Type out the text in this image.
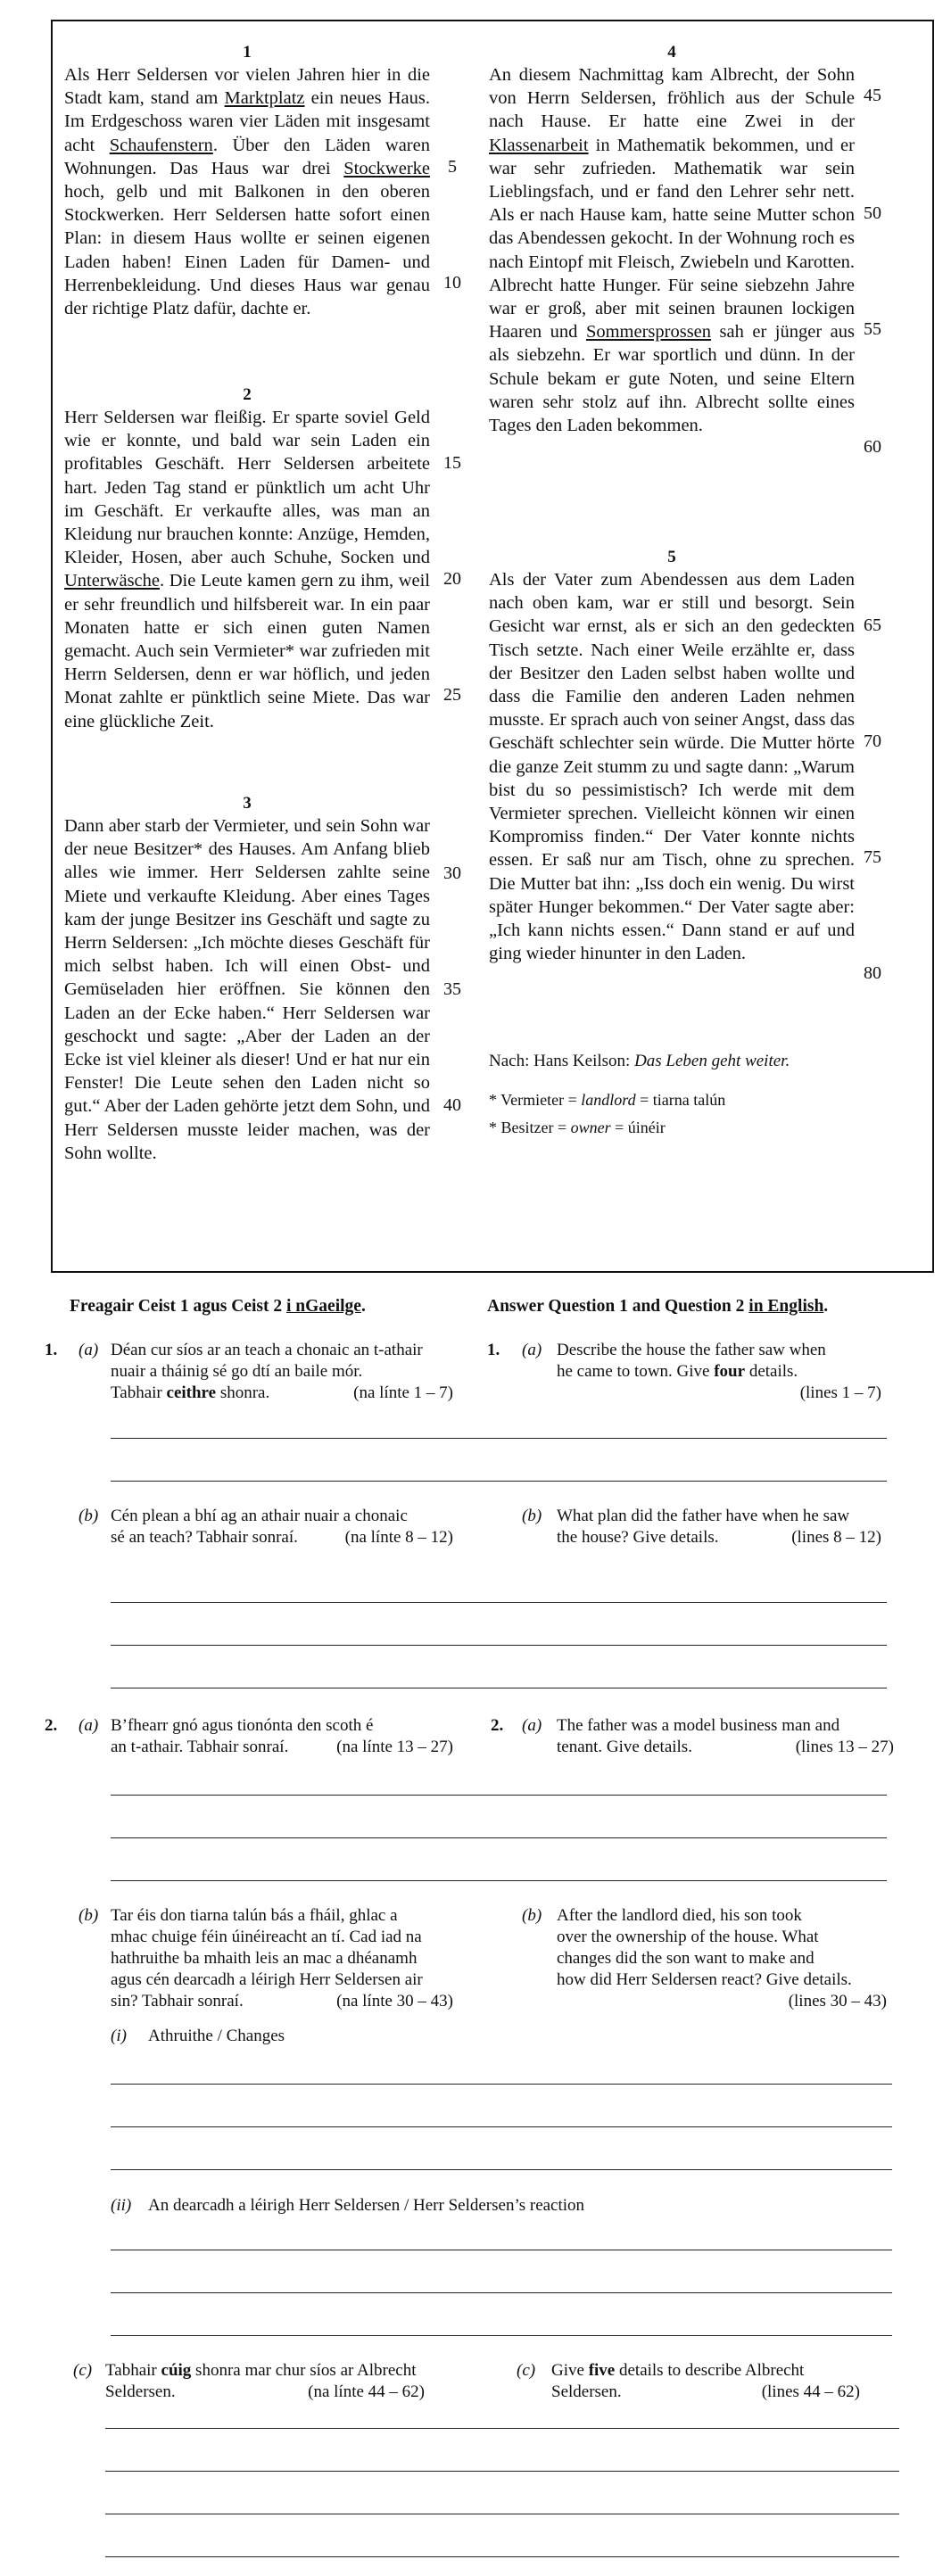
1

Als Herr Seldersen vor vielen Jahren hier in die Stadt kam, stand am Marktplatz ein neues Haus. Im Erdgeschoss waren vier Läden mit insgesamt acht Schaufenstern. Über den Läden waren Wohnungen. Das Haus war drei Stockwerke hoch, gelb und mit Balkonen in den oberen Stockwerken. Herr Seldersen hatte sofort einen Plan: in diesem Haus wollte er seinen eigenen Laden haben! Einen Laden für Damen- und Herrenbekleidung. Und dieses Haus war genau der richtige Platz dafür, dachte er.

2

Herr Seldersen war fleißig. Er sparte soviel Geld wie er konnte, und bald war sein Laden ein profitables Geschäft. Herr Seldersen arbeitete hart. Jeden Tag stand er pünktlich um acht Uhr im Geschäft. Er verkaufte alles, was man an Kleidung nur brauchen konnte: Anzüge, Hemden, Kleider, Hosen, aber auch Schuhe, Socken und Unterwäsche. Die Leute kamen gern zu ihm, weil er sehr freundlich und hilfsbereit war. In ein paar Monaten hatte er sich einen guten Namen gemacht. Auch sein Vermieter* war zufrieden mit Herrn Seldersen, denn er war höflich, und jeden Monat zahlte er pünktlich seine Miete. Das war eine glückliche Zeit.

3

Dann aber starb der Vermieter, und sein Sohn war der neue Besitzer* des Hauses. Am Anfang blieb alles wie immer. Herr Seldersen zahlte seine Miete und verkaufte Kleidung. Aber eines Tages kam der junge Besitzer ins Geschäft und sagte zu Herrn Seldersen: „Ich möchte dieses Geschäft für mich selbst haben. Ich will einen Obst- und Gemüseladen hier eröffnen. Sie können den Laden an der Ecke haben.“ Herr Seldersen war geschockt und sagte: „Aber der Laden an der Ecke ist viel kleiner als dieser! Und er hat nur ein Fenster! Die Leute sehen den Laden nicht so gut.“ Aber der Laden gehörte jetzt dem Sohn, und Herr Seldersen musste leider machen, was der Sohn wollte.

4

An diesem Nachmittag kam Albrecht, der Sohn von Herrn Seldersen, fröhlich aus der Schule nach Hause. Er hatte eine Zwei in der Klassenarbeit in Mathematik bekommen, und er war sehr zufrieden. Mathematik war sein Lieblingsfach, und er fand den Lehrer sehr nett. Als er nach Hause kam, hatte seine Mutter schon das Abendessen gekocht. In der Wohnung roch es nach Eintopf mit Fleisch, Zwiebeln und Karotten. Albrecht hatte Hunger. Für seine siebzehn Jahre war er groß, aber mit seinen braunen lockigen Haaren und Sommersprossen sah er jünger aus als siebzehn. Er war sportlich und dünn. In der Schule bekam er gute Noten, und seine Eltern waren sehr stolz auf ihn. Albrecht sollte eines Tages den Laden bekommen.

5

Als der Vater zum Abendessen aus dem Laden nach oben kam, war er still und besorgt. Sein Gesicht war ernst, als er sich an den gedeckten Tisch setzte. Nach einer Weile erzählte er, dass der Besitzer den Laden selbst haben wollte und dass die Familie den anderen Laden nehmen musste. Er sprach auch von seiner Angst, dass das Geschäft schlechter sein würde. Die Mutter hörte die ganze Zeit stumm zu und sagte dann: „Warum bist du so pessimistisch? Ich werde mit dem Vermieter sprechen. Vielleicht können wir einen Kompromiss finden.“ Der Vater konnte nichts essen. Er saß nur am Tisch, ohne zu sprechen. Die Mutter bat ihn: „Iss doch ein wenig. Du wirst später Hunger bekommen.“ Der Vater sagte aber: „Ich kann nichts essen.“ Dann stand er auf und ging wieder hinunter in den Laden.

5
10
15
20
25
30
35
40
45
50
55
60
65
70
75
80
Nach: Hans Keilson: Das Leben geht weiter.
* Vermieter = landlord = tiarna talún
* Besitzer = owner = úinéir
Freagair Ceist 1 agus Ceist 2 i nGaeilge.	Answer Question 1 and Question 2 in English.
1. (a) Déan cur síos ar an teach a chonaic an t-athair
nuair a tháinig sé go dtí an baile mór.
Tabhair ceithre shonra.	(na línte 1 – 7)
1. (a) Describe the house the father saw when
he came to town. Give four details.
(lines 1 – 7)
(b) Cén plean a bhí ag an athair nuair a chonaic
sé an teach? Tabhair sonraí.	(na línte 8 – 12)
(b) What plan did the father have when he saw
the house? Give details.	(lines 8 – 12)
2. (a) B’fhearr gnó agus tionónta den scoth é
an t-athair. Tabhair sonraí.	(na línte 13 – 27)
2. (a) The father was a model business man and
tenant. Give details.	(lines 13 – 27)
(b) Tar éis don tiarna talún bás a fháil, ghlac a
mhac chuige féin úinéireacht an tí. Cad iad na
hathruithe ba mhaith leis an mac a dhéanamh
agus cén dearcadh a léirigh Herr Seldersen air
sin? Tabhair sonraí.	(na línte 30 – 43)
(b) After the landlord died, his son took
over the ownership of the house. What
changes did the son want to make and
how did Herr Seldersen react? Give details.
(lines 30 – 43)
(i) Athruithe / Changes
(ii) An dearcadh a léirigh Herr Seldersen / Herr Seldersen’s reaction
(c) Tabhair cúig shonra mar chur síos ar Albrecht
Seldersen.	(na línte 44 – 62)
(c) Give five details to describe Albrecht
Seldersen.	(lines 44 – 62)
